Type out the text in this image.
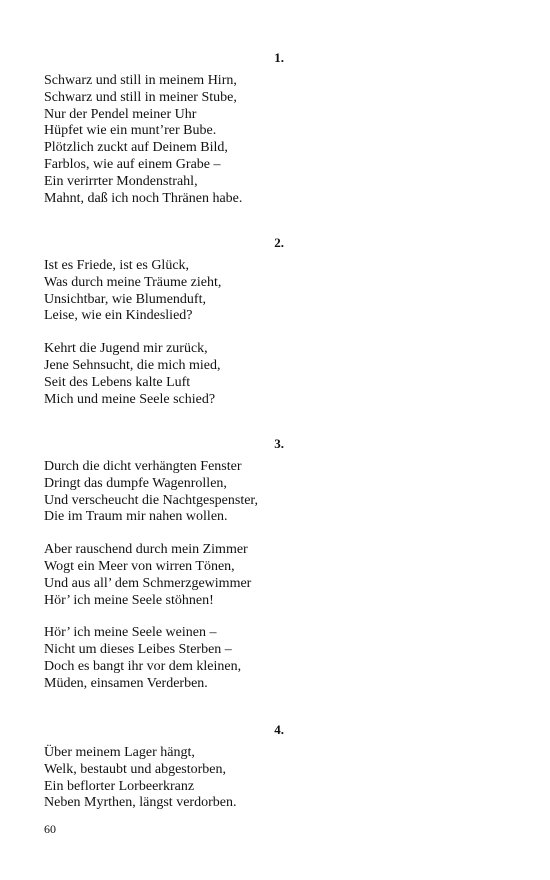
1.
Schwarz und still in meinem Hirn,
Schwarz und still in meiner Stube,
Nur der Pendel meiner Uhr
Hüpfet wie ein munt’rer Bube.
Plötzlich zuckt auf Deinem Bild,
Farblos, wie auf einem Grabe –
Ein verirrter Mondenstrahl,
Mahnt, daß ich noch Thränen habe.
2.
Ist es Friede, ist es Glück,
Was durch meine Träume zieht,
Unsichtbar, wie Blumenduft,
Leise, wie ein Kindeslied?
Kehrt die Jugend mir zurück,
Jene Sehnsucht, die mich mied,
Seit des Lebens kalte Luft
Mich und meine Seele schied?
3.
Durch die dicht verhängten Fenster
Dringt das dumpfe Wagenrollen,
Und verscheucht die Nachtgespenster,
Die im Traum mir nahen wollen.
Aber rauschend durch mein Zimmer
Wogt ein Meer von wirren Tönen,
Und aus all’ dem Schmerzgewimmer
Hör’ ich meine Seele stöhnen!
Hör’ ich meine Seele weinen –
Nicht um dieses Leibes Sterben –
Doch es bangt ihr vor dem kleinen,
Müden, einsamen Verderben.
4.
Über meinem Lager hängt,
Welk, bestaubt und abgestorben,
Ein beflorter Lorbeerkranz
Neben Myrthen, längst verdorben.
60
